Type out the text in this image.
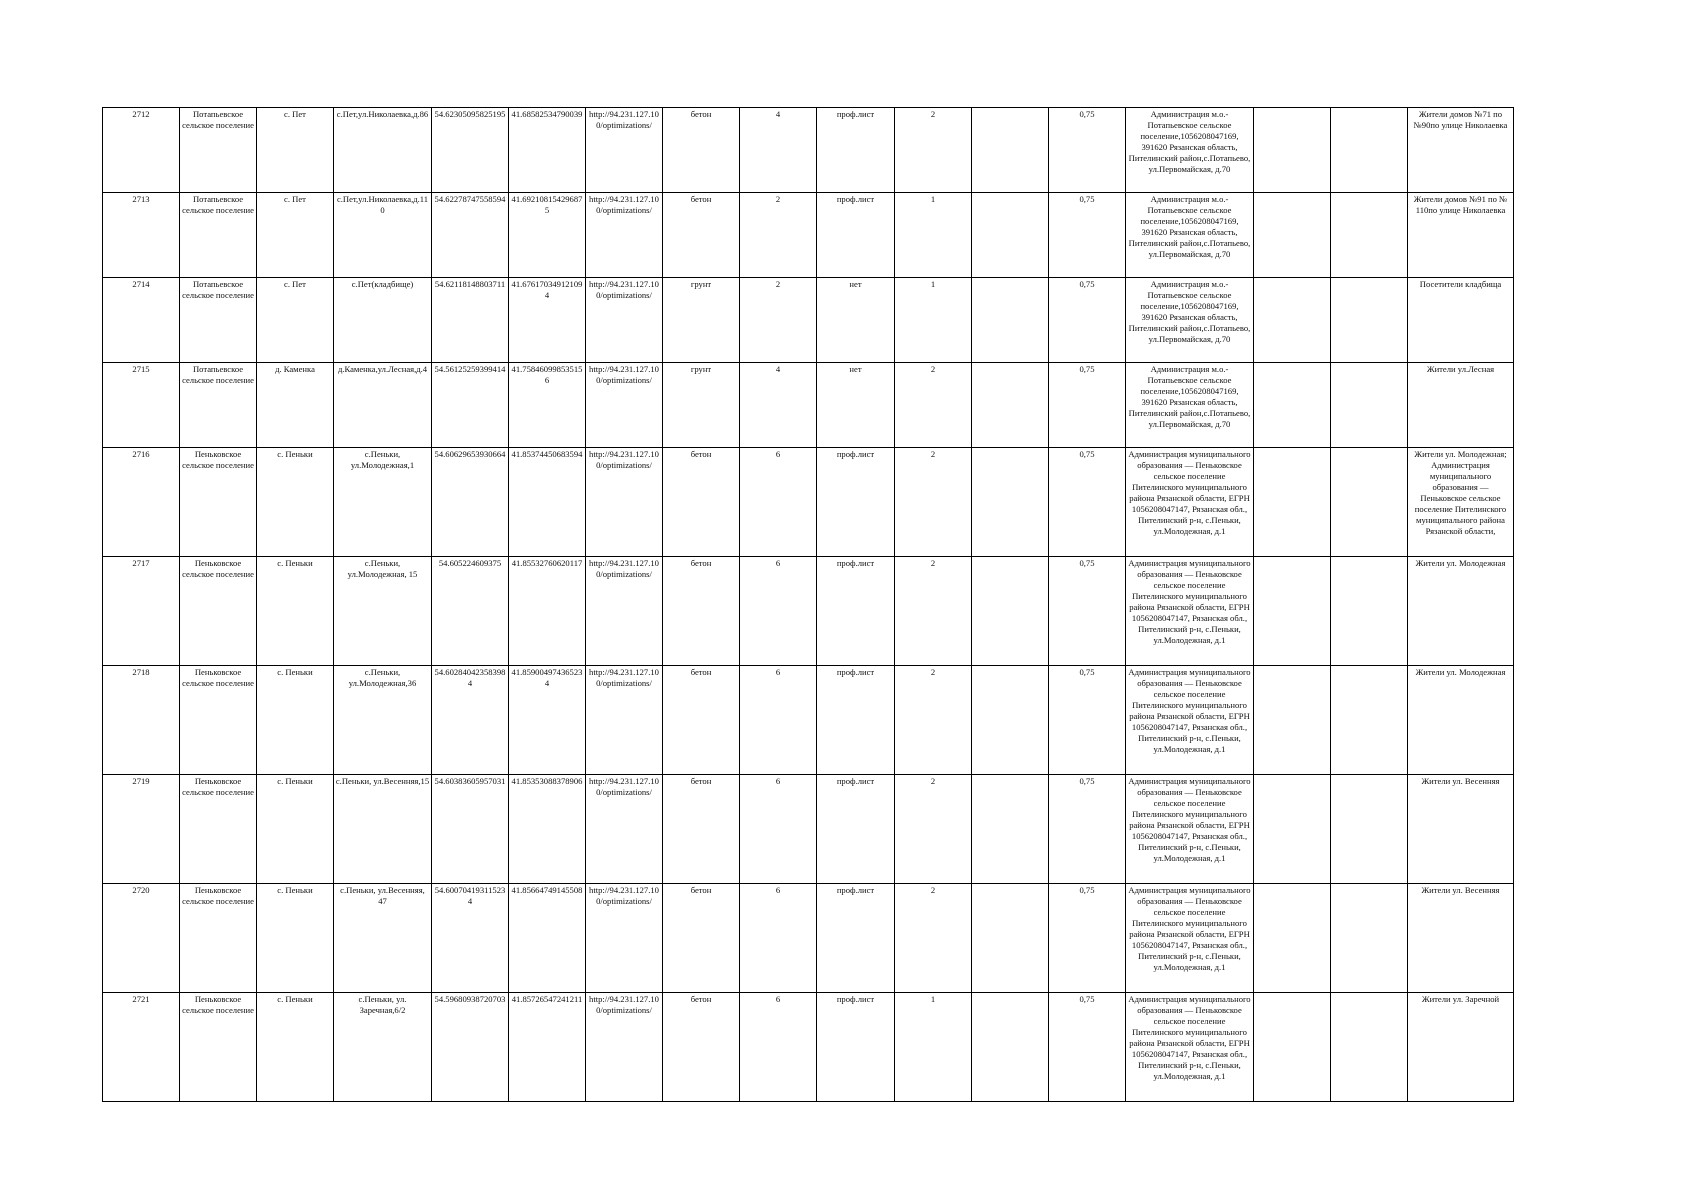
2712	Потапьевское сельское поселение	с. Пет	с.Пет,ул.Николаевка,д.86	54.62305095825195	41.68582534790039	http://94.231.127.100/optimizations/	бетон	4	проф.лист	2		0,75	Администрация м.о.-Потапьевское сельское поселение,1056208047169, 391620 Рязанская область, Пителинский район,с.Потапьево, ул.Первомайская, д.70			Жители домов №71 по №90по улице Николаевка
2713	Потапьевское сельское поселение	с. Пет	с.Пет,ул.Николаевка,д.110	54.62278747558594	41.692108154296875	http://94.231.127.100/optimizations/	бетон	2	проф.лист	1		0,75	Администрация м.о.-Потапьевское сельское поселение,1056208047169, 391620 Рязанская область, Пителинский район,с.Потапьево, ул.Первомайская, д.70			Жители домов №91 по № 110по улице Николаевка
2714	Потапьевское сельское поселение	с. Пет	с.Пет(кладбище)	54.62118148803711	41.676170349121094	http://94.231.127.100/optimizations/	грунт	2	нет	1		0,75	Администрация м.о.-Потапьевское сельское поселение,1056208047169, 391620 Рязанская область, Пителинский район,с.Потапьево, ул.Первомайская, д.70			Посетители кладбища
2715	Потапьевское сельское поселение	д. Каменка	д.Каменка,ул.Лесная,д.4	54.56125259399414	41.758460998535156	http://94.231.127.100/optimizations/	грунт	4	нет	2		0,75	Администрация м.о.-Потапьевское сельское поселение,1056208047169, 391620 Рязанская область, Пителинский район,с.Потапьево, ул.Первомайская, д.70			Жители ул.Лесная
2716	Пеньковское сельское поселение	с. Пеньки	с.Пеньки, ул.Молодежная,1	54.60629653930664	41.85374450683594	http://94.231.127.100/optimizations/	бетон	6	проф.лист	2		0,75	Администрация муниципального образования — Пеньковское сельское поселение Пителинского муниципального района Рязанской области, ЕГРН 1056208047147, Рязанская обл., Пителинский р-н, с.Пеньки, ул.Молодежная, д.1			Жители ул. Молодежная; Администрация муниципального образования — Пеньковское сельское поселение Пителинского муниципального района Рязанской области,
2717	Пеньковское сельское поселение	с. Пеньки	с.Пеньки, ул.Молодежная, 15	54.605224609375	41.85532760620117	http://94.231.127.100/optimizations/	бетон	6	проф.лист	2		0,75	Администрация муниципального образования — Пеньковское сельское поселение Пителинского муниципального района Рязанской области, ЕГРН 1056208047147, Рязанская обл., Пителинский р-н, с.Пеньки, ул.Молодежная, д.1			Жители ул. Молодежная
2718	Пеньковское сельское поселение	с. Пеньки	с.Пеньки, ул.Молодежная,36	54.602840423583984	41.859004974365234	http://94.231.127.100/optimizations/	бетон	6	проф.лист	2		0,75	Администрация муниципального образования — Пеньковское сельское поселение Пителинского муниципального района Рязанской области, ЕГРН 1056208047147, Рязанская обл., Пителинский р-н, с.Пеньки, ул.Молодежная, д.1			Жители ул. Молодежная
2719	Пеньковское сельское поселение	с. Пеньки	с.Пеньки, ул.Весенняя,15	54.60383605957031	41.85353088378906	http://94.231.127.100/optimizations/	бетон	6	проф.лист	2		0,75	Администрация муниципального образования — Пеньковское сельское поселение Пителинского муниципального района Рязанской области, ЕГРН 1056208047147, Рязанская обл., Пителинский р-н, с.Пеньки, ул.Молодежная, д.1			Жители ул. Весенняя
2720	Пеньковское сельское поселение	с. Пеньки	с.Пеньки, ул.Весенняя, 47	54.600704193115234	41.85664749145508	http://94.231.127.100/optimizations/	бетон	6	проф.лист	2		0,75	Администрация муниципального образования — Пеньковское сельское поселение Пителинского муниципального района Рязанской области, ЕГРН 1056208047147, Рязанская обл., Пителинский р-н, с.Пеньки, ул.Молодежная, д.1			Жители ул. Весенняя
2721	Пеньковское сельское поселение	с. Пеньки	с.Пеньки, ул. Заречная,6/2	54.59680938720703	41.85726547241211	http://94.231.127.100/optimizations/	бетон	6	проф.лист	1		0,75	Администрация муниципального образования — Пеньковское сельское поселение Пителинского муниципального района Рязанской области, ЕГРН 1056208047147, Рязанская обл., Пителинский р-н, с.Пеньки, ул.Молодежная, д.1			Жители ул. Заречной
